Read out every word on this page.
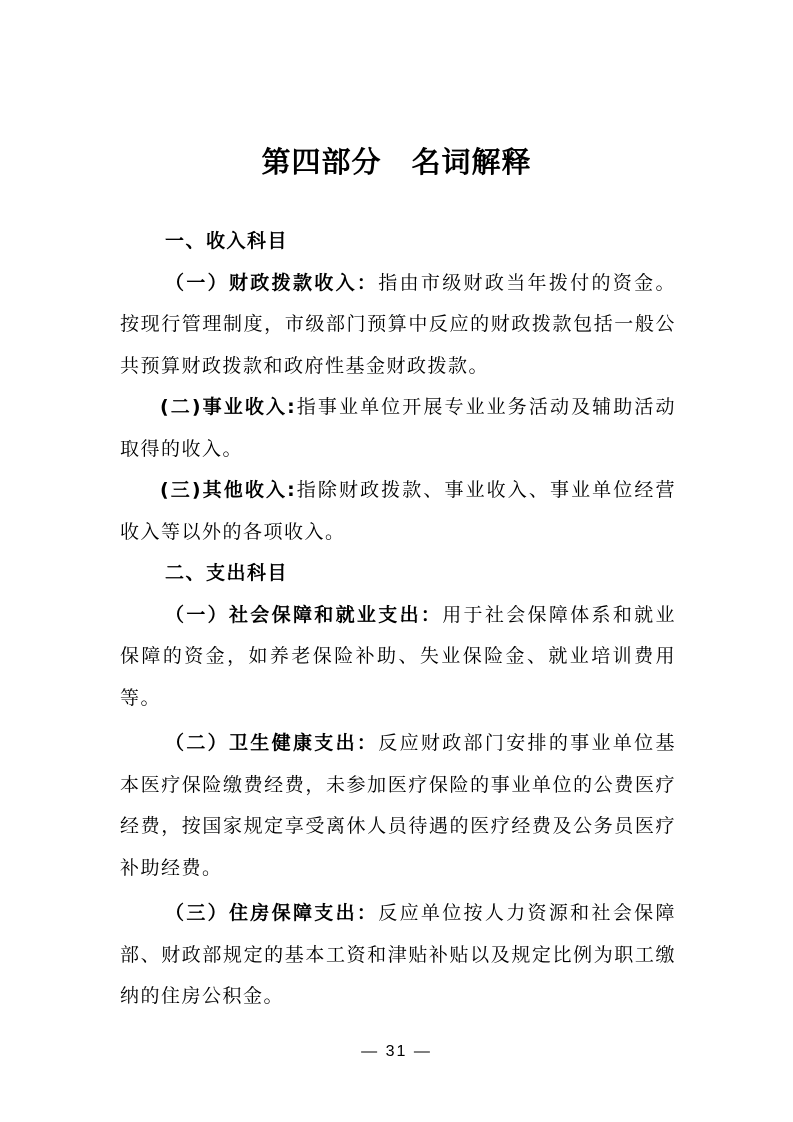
第四部分 名词解释

一、收入科目

（一）财政拨款收入：指由市级财政当年拨付的资金。按现行管理制度，市级部门预算中反应的财政拨款包括一般公共预算财政拨款和政府性基金财政拨款。

(二)事业收入:指事业单位开展专业业务活动及辅助活动取得的收入。

(三)其他收入:指除财政拨款、事业收入、事业单位经营收入等以外的各项收入。

二、支出科目

（一）社会保障和就业支出：用于社会保障体系和就业保障的资金，如养老保险补助、失业保险金、就业培训费用等。

（二）卫生健康支出：反应财政部门安排的事业单位基本医疗保险缴费经费，未参加医疗保险的事业单位的公费医疗经费，按国家规定享受离休人员待遇的医疗经费及公务员医疗补助经费。

（三）住房保障支出：反应单位按人力资源和社会保障部、财政部规定的基本工资和津贴补贴以及规定比例为职工缴纳的住房公积金。

— 31 —
